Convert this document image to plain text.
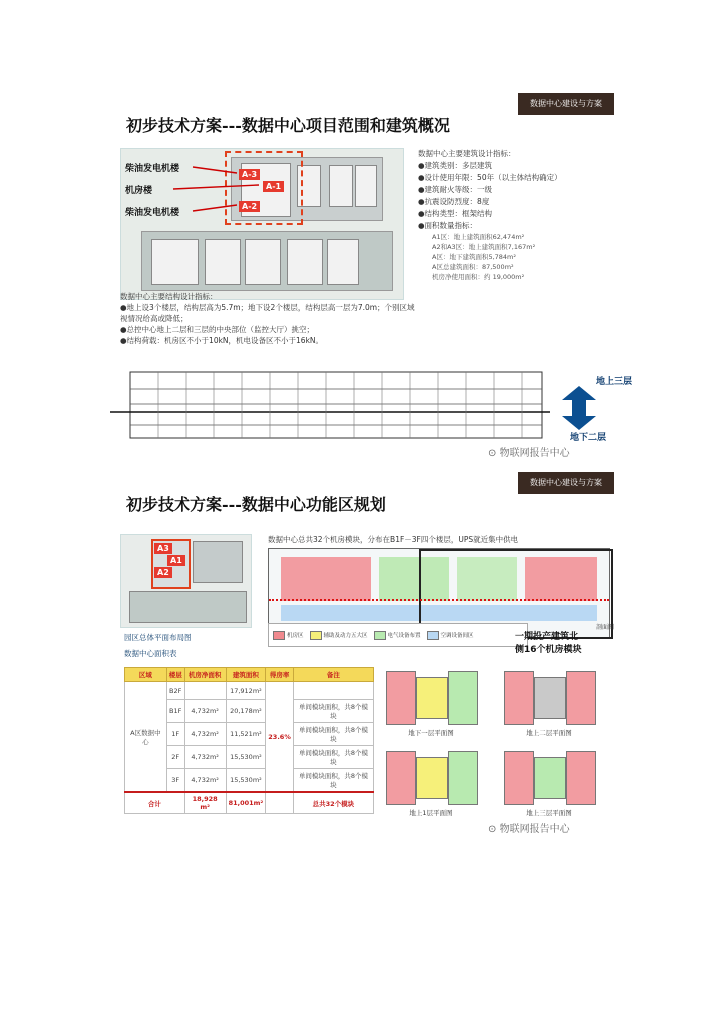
数据中心建设与方案
初步技术方案---数据中心项目范围和建筑概况
A-3
A-1
A-2
柴油发电机楼
机房楼
柴油发电机楼
数据中心主要建筑设计指标：
●建筑类别：多层建筑
●设计使用年限：50年（以主体结构确定）
●建筑耐火等级：一级
●抗震设防烈度：8度
●结构类型：框架结构
●面积数量指标：
A1区：地上建筑面积62,474m²
A2和A3区：地上建筑面积7,167m²
A区：地下建筑面积5,784m²
A区总建筑面积：87,500m²
机房净使用面积：约 19,000m²
数据中心主要结构设计指标：
●地上设3个楼层，结构层高为5.7m；地下设2个楼层，结构层高一层为7.0m；个别区域视情况给高或降低；
●总控中心地上二层和三层的中央部位（监控大厅）挑空；
●结构荷载：机房区不小于10kN，机电设备区不小于16kN。
地上三层
地下二层
⊙ 物联网报告中心
数据中心建设与方案
初步技术方案---数据中心功能区规划
A3
A1
A2
园区总体平面布局图
数据中心面积表
数据中心总共32个机房模块，分布在B1F－3F四个楼层，UPS就近集中供电
机房区	辅助及动力五大区	电气设备布置	空调设备间区	一期投产建筑北
侧16个机房模块
剖面图
区域	楼层	机房净面积	建筑面积	得房率	备注
A区数据中心	B2F		17,912m²	23.6%	
	B1F	4,732m²	20,178m²		单间模块面积，共8个模块
	1F	4,732m²	11,521m²		单间模块面积，共8个模块
	2F	4,732m²	15,530m²		单间模块面积，共8个模块
	3F	4,732m²	15,530m²		单间模块面积，共8个模块
合计		18,928 m²	81,001m²		总共32个模块
地下一层平面图	地上二层平面图
地上1层平面图	地上三层平面图
⊙ 物联网报告中心
